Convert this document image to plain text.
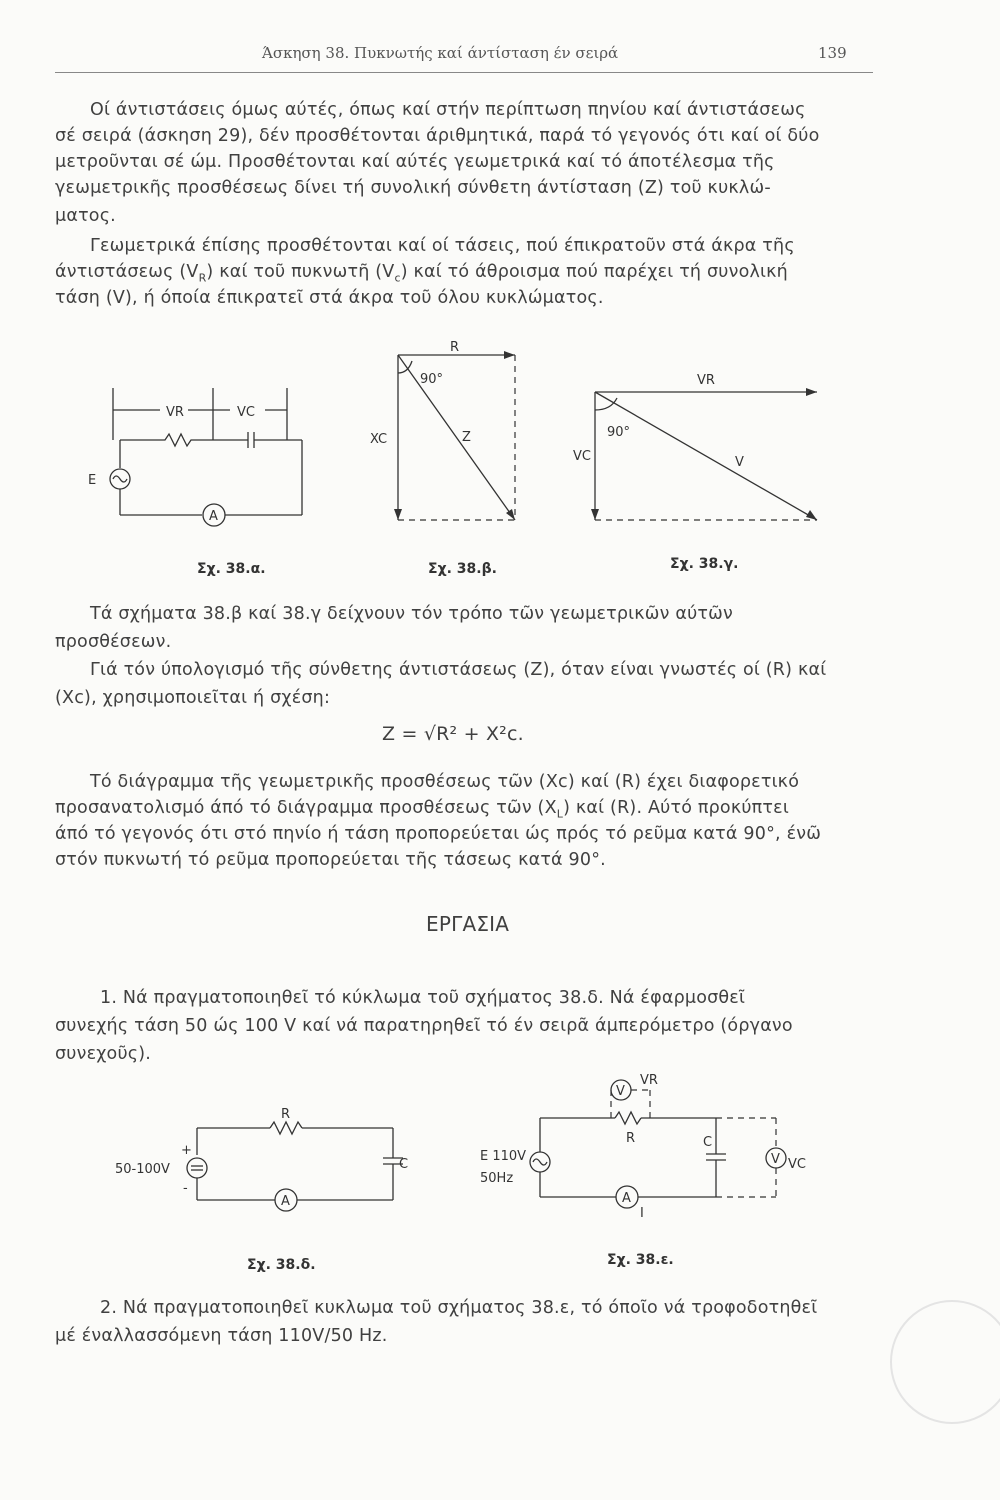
Άσκηση 38. Πυκνωτής καί άντίσταση έν σειρά	139
Οί άντιστάσεις όμως αύτές, όπως καί στήν περίπτωση πηνίου καί άντιστάσεως
σέ σειρά (άσκηση 29), δέν προσθέτονται άριθμητικά, παρά τό γεγονός ότι καί οί δύο
μετροῦνται σέ ώμ. Προσθέτονται καί αύτές γεωμετρικά καί τό άποτέλεσμα τῆς
γεωμετρικῆς προσθέσεως δίνει τή συνολική σύνθετη άντίσταση (Z) τοῦ κυκλώ-
ματος.
Γεωμετρικά έπίσης προσθέτονται καί οί τάσεις, πού έπικρατοῦν στά άκρα τῆς
άντιστάσεως $(V_R)$ καί τοῦ πυκνωτῆ $(V_c)$ καί τό άθροισμα πού παρέχει τή συνολική
τάση (V), ή όποία έπικρατεῖ στά άκρα τοῦ όλου κυκλώματος.
VR	VC
E
A
Σχ. 38.α.
R
XC	Z
90°
Σχ. 38.β.
VR
VC	V
90°
Σχ. 38.γ.
Τά σχήματα 38.β καί 38.γ δείχνουν τόν τρόπο τῶν γεωμετρικῶν αύτῶν
προσθέσεων.
Γιά τόν ύπολογισμό τῆς σύνθετης άντιστάσεως (Z), όταν είναι γνωστές οί (R) καί
(Xc), χρησιμοποιεῖται ή σχέση:
Z = √R² + X²c.
Τό διάγραμμα τῆς γεωμετρικῆς προσθέσεως τῶν (Xc) καί (R) έχει διαφορετικό
προσανατολισμό άπό τό διάγραμμα προσθέσεως τῶν $(X_L)$ καί (R). Αύτό προκύπτει
άπό τό γεγονός ότι στό πηνίο ή τάση προπορεύεται ώς πρός τό ρεῦμα κατά 90°, ένῶ
στόν πυκνωτή τό ρεῦμα προπορεύεται τῆς τάσεως κατά 90°.
ΕΡΓΑΣΙΑ
1. Νά πραγματοποιηθεῖ τό κύκλωμα τοῦ σχήματος 38.δ. Νά έφαρμοσθεῖ
συνεχής τάση 50 ώς 100 V καί νά παρατηρηθεῖ τό έν σειρᾶ άμπερόμετρο (όργανο
συνεχοῦς).
R
+
50-100V
-
A
C
Σχ. 38.δ.
V
VR
R
E 110V
50Hz
A
I
C
V VC
Σχ. 38.ε.
2. Νά πραγματοποιηθεῖ κυκλωμα τοῦ σχήματος 38.ε, τό όποῖο νά τροφοδοτηθεῖ
μέ έναλλασσόμενη τάση 110V/50 Hz.
